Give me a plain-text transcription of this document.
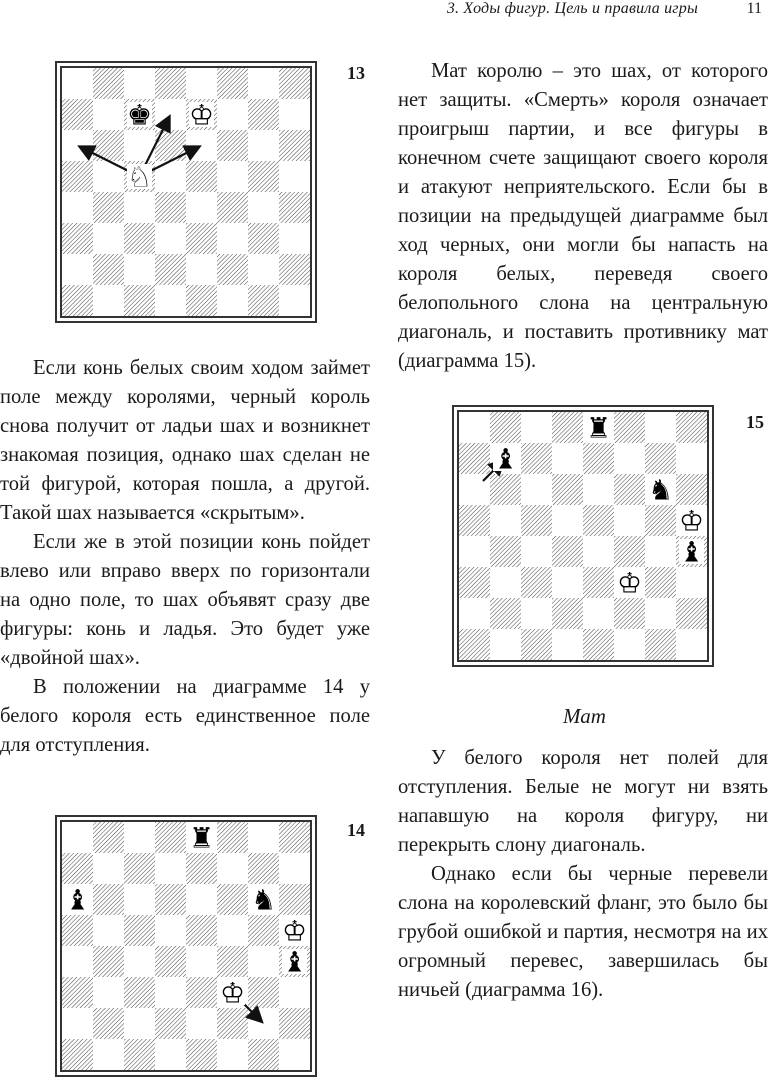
3. Ходы фигур. Цель и правила игры	11
♚ ♔
♘
13

Если конь белых своим ходом займет поле между королями, черный король снова получит от ладьи шах и возникнет знакомая позиция, однако шах сделан не той фигурой, которая пошла, а другой. Такой шах называется «скрытым».

Если же в этой позиции конь пойдет влево или вправо вверх по горизонтали на одно поле, то шах объявят сразу две фигуры: конь и ладья. Это будет уже «двойной шах».

В положении на диаграмме 14 у белого короля есть единственное поле для отступления.

♜
♝	♞
♔
♝
♔
14

Мат королю – это шах, от которого нет защиты. «Смерть» короля означает проигрыш партии, и все фигуры в конечном счете защищают своего короля и атакуют неприятельского. Если бы в позиции на предыдущей диаграмме был ход черных, они могли бы напасть на короля белых, переведя своего белопольного слона на центральную диагональ, и поставить противнику мат (диаграмма 15).

♜
♝
♞
♔
♝
♔
15
Мат

У белого короля нет полей для отступления. Белые не могут ни взять напавшую на короля фигуру, ни перекрыть слону диагональ.

Однако если бы черные перевели слона на королевский фланг, это было бы грубой ошибкой и партия, несмотря на их огромный перевес, завершилась бы ничьей (диаграмма 16).
